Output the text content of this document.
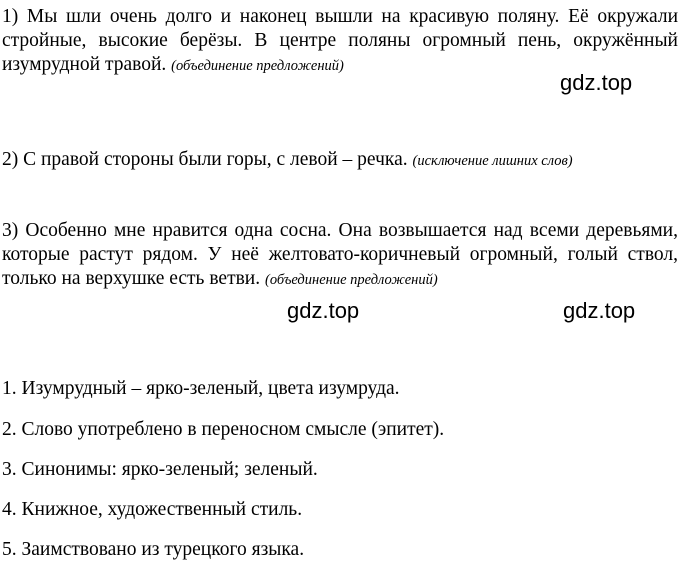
1) Мы шли очень долго и наконец вышли на красивую поляну. Её окружали стройные, высокие берёзы. В центре поляны огромный пень, окружённый изумрудной травой. (объединение предложений)
2) С правой стороны были горы, с левой – речка. (исключение лишних слов)
3) Особенно мне нравится одна сосна. Она возвышается над всеми деревьями, которые растут рядом. У неё желтовато-коричневый огромный, голый ствол, только на верхушке есть ветви. (объединение предложений)
1. Изумрудный – ярко-зеленый, цвета изумруда.
2. Слово употреблено в переносном смысле (эпитет).
3. Синонимы: ярко-зеленый; зеленый.
4. Книжное, художественный стиль.
5. Заимствовано из турецкого языка.
gdz.top
gdz.top	gdz.top
